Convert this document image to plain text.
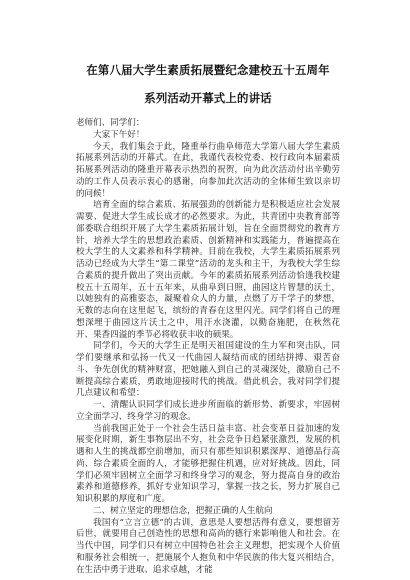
在第八届大学生素质拓展暨纪念建校五十五周年
系列活动开幕式上的讲话

老师们、同学们：

大家下午好！

今天，我们集会于此，隆重举行曲阜师范大学第八届大学生素质拓展系列活动的开幕式。在此，我谨代表校党委、校行政向本届素质拓展系列活动的隆重开幕表示热烈的祝贺，向为此次活动付出辛勤劳动的工作人员表示衷心的感谢，向参加此次活动的全体师生致以亲切的问候！

培育全面的综合素质、拓展强劲的创新能力是积极适应社会发展需要、促进大学生成长成才的必然要求。为此，共青团中央教育部等部委联合组织开展了大学生素质拓展计划，旨在全面贯彻党的教育方针，培养大学生的思想政治素质、创新精神和实践能力，普遍提高在校大学生的人文素养和科学精神。目前在我校，大学生素质拓展系列活动已经成为大学生“第二课堂”活动的龙头和主干，为我校大学生综合素质的提升做出了突出贡献。今年的素质拓展系列活动恰逢我校建校五十五周年，五十五年来，从曲阜到日照，曲园这片智慧的沃土，以她独有的高雅姿态，凝聚着众人的力量，点燃了万千学子的梦想，无数的志向在这里起飞，缤纷的青春在这里闪光。同学们将自己的理想深埋于曲园这片沃土之中，用汗水浇灌，以勤奋施肥，在秋然花开、果香四溢的季节必将收获丰收的硕果。

同学们，今天的大学生正是明天祖国建设的生力军和突击队，同学们要继承和弘扬一代又一代曲园人凝结而成的团结拼搏、艰苦奋斗、争先创优的精神财富，把她融入到自己的灵魂深处，激励自己不断提高综合素质，勇敢地迎接时代的挑战。借此机会，我对同学们提几点建议和希望：

一、清醒认识同学们成长进步所面临的新形势、新要求，牢固树立全面学习、终身学习的观念。

当前我国正处于一个社会生活日益丰富、社会变革日益加速的发展变化时期，新生事物层出不穷，社会竞争日趋紧张激烈，发展的机遇和人生的挑战都空前增加，而只有那些知识积累深厚、道德品行高尚、综合素质全面的人，才能够把握住机遇，应对好挑战。因此，同学们必须牢固树立全面学习和终身学习的观念，努力提高自身的政治素养和道德修养，抓好专业知识学习，掌握一技之长，努力扩展自己知识积累的厚度和广度。

二、树立坚定的理想信念，把握正确的人生航向

我国有“立言立德”的古训，意思是人要想活得有意义，要想留芳后世，就要用自己创造性的思想和高尚的德行来影响他人和社会。在当代中国，同学们只有树立中国特色社会主义理想，把实现个人价值和服务社会相统一，把施展个人抱负和中华民族的伟大复兴相结合，在生活中勇于进取、追求卓越，才能
